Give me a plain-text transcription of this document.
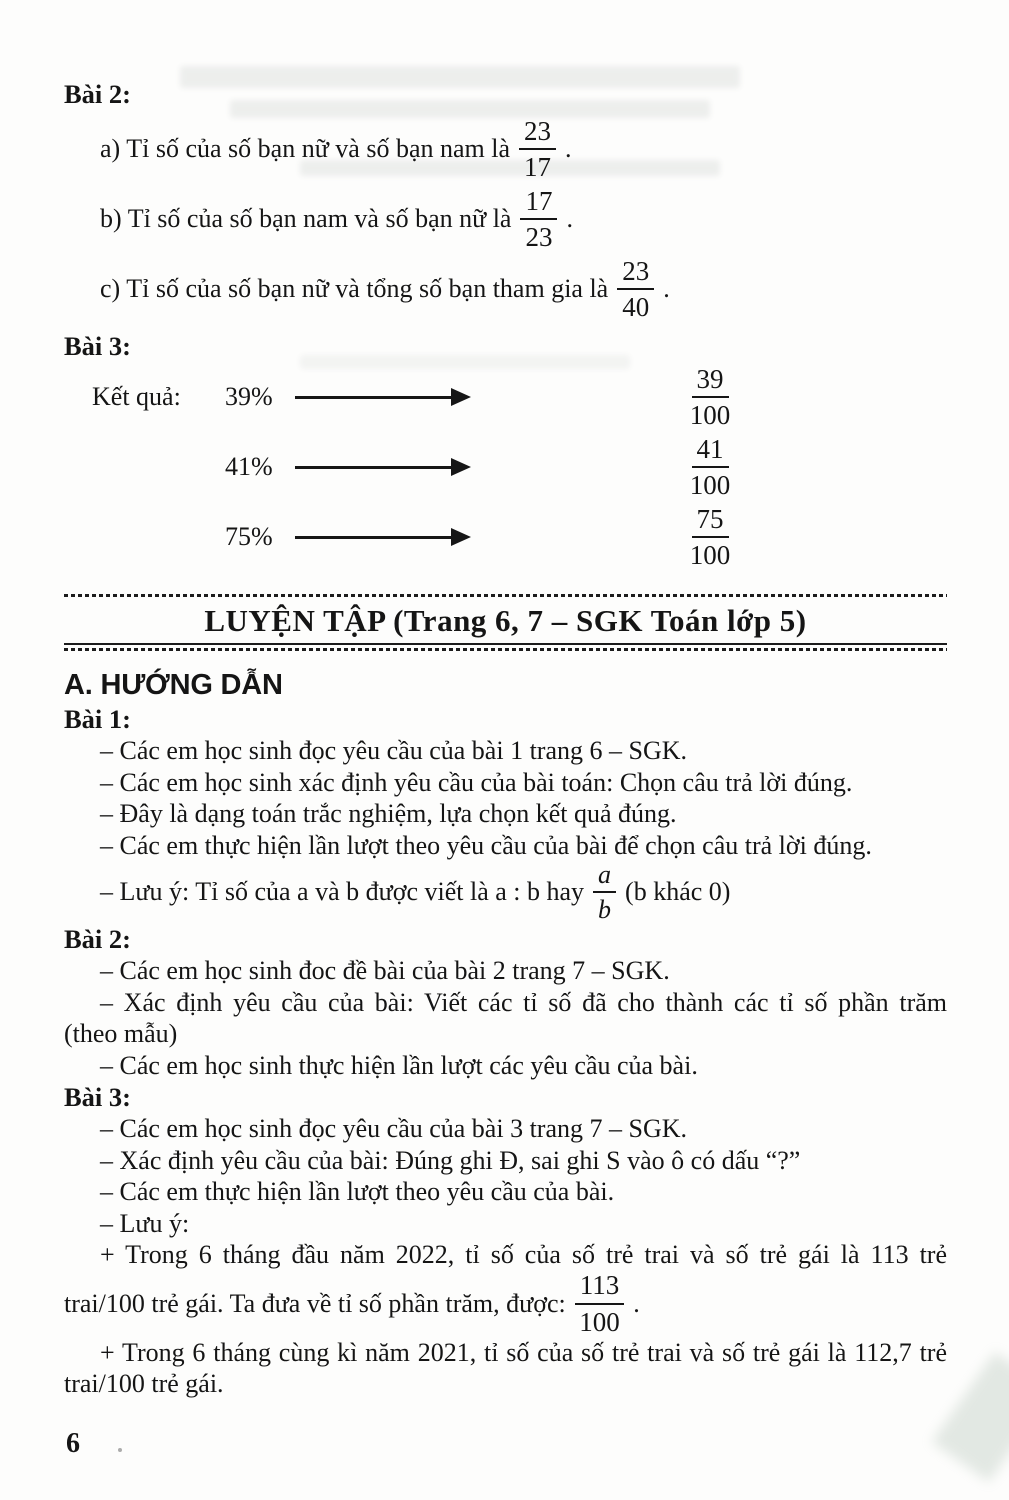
Bài 2:
a) Tỉ số của số bạn nữ và số bạn nam là $\frac{23}{17}$ .
b) Tỉ số của số bạn nam và số bạn nữ là $\frac{17}{23}$ .
c) Tỉ số của số bạn nữ và tổng số bạn tham gia là $\frac{23}{40}$ .
Bài 3:
Kết quả:	39%	$\frac{39}{100}$
41%	$\frac{41}{100}$
75%	$\frac{75}{100}$
LUYỆN TẬP (Trang 6, 7 – SGK Toán lớp 5)
A. HƯỚNG DẪN
Bài 1:
– Các em học sinh đọc yêu cầu của bài 1 trang 6 – SGK.
– Các em học sinh xác định yêu cầu của bài toán: Chọn câu trả lời đúng.
– Đây là dạng toán trắc nghiệm, lựa chọn kết quả đúng.
– Các em thực hiện lần lượt theo yêu cầu của bài để chọn câu trả lời đúng.
– Lưu ý: Tỉ số của a và b được viết là a : b hay $\frac{a}{b} (b$ khác 0)
Bài 2:
– Các em học sinh đoc đề bài của bài 2 trang 7 – SGK.
– Xác định yêu cầu của bài: Viết các tỉ số đã cho thành các tỉ số phần trăm
(theo mẫu)
– Các em học sinh thực hiện lần lượt các yêu cầu của bài.
Bài 3:
– Các em học sinh đọc yêu cầu của bài 3 trang 7 – SGK.
– Xác định yêu cầu của bài: Đúng ghi Đ, sai ghi S vào ô có dấu “?”
– Các em thực hiện lần lượt theo yêu cầu của bài.
– Lưu ý:
+ Trong 6 tháng đầu năm 2022, tỉ số của số trẻ trai và số trẻ gái là 113 trẻ
trai/100 trẻ gái. Ta đưa về tỉ số phần trăm, được: $\frac{113}{100}$ .
+ Trong 6 tháng cùng kì năm 2021, tỉ số của số trẻ trai và số trẻ gái là 112,7 trẻ
trai/100 trẻ gái.
6
